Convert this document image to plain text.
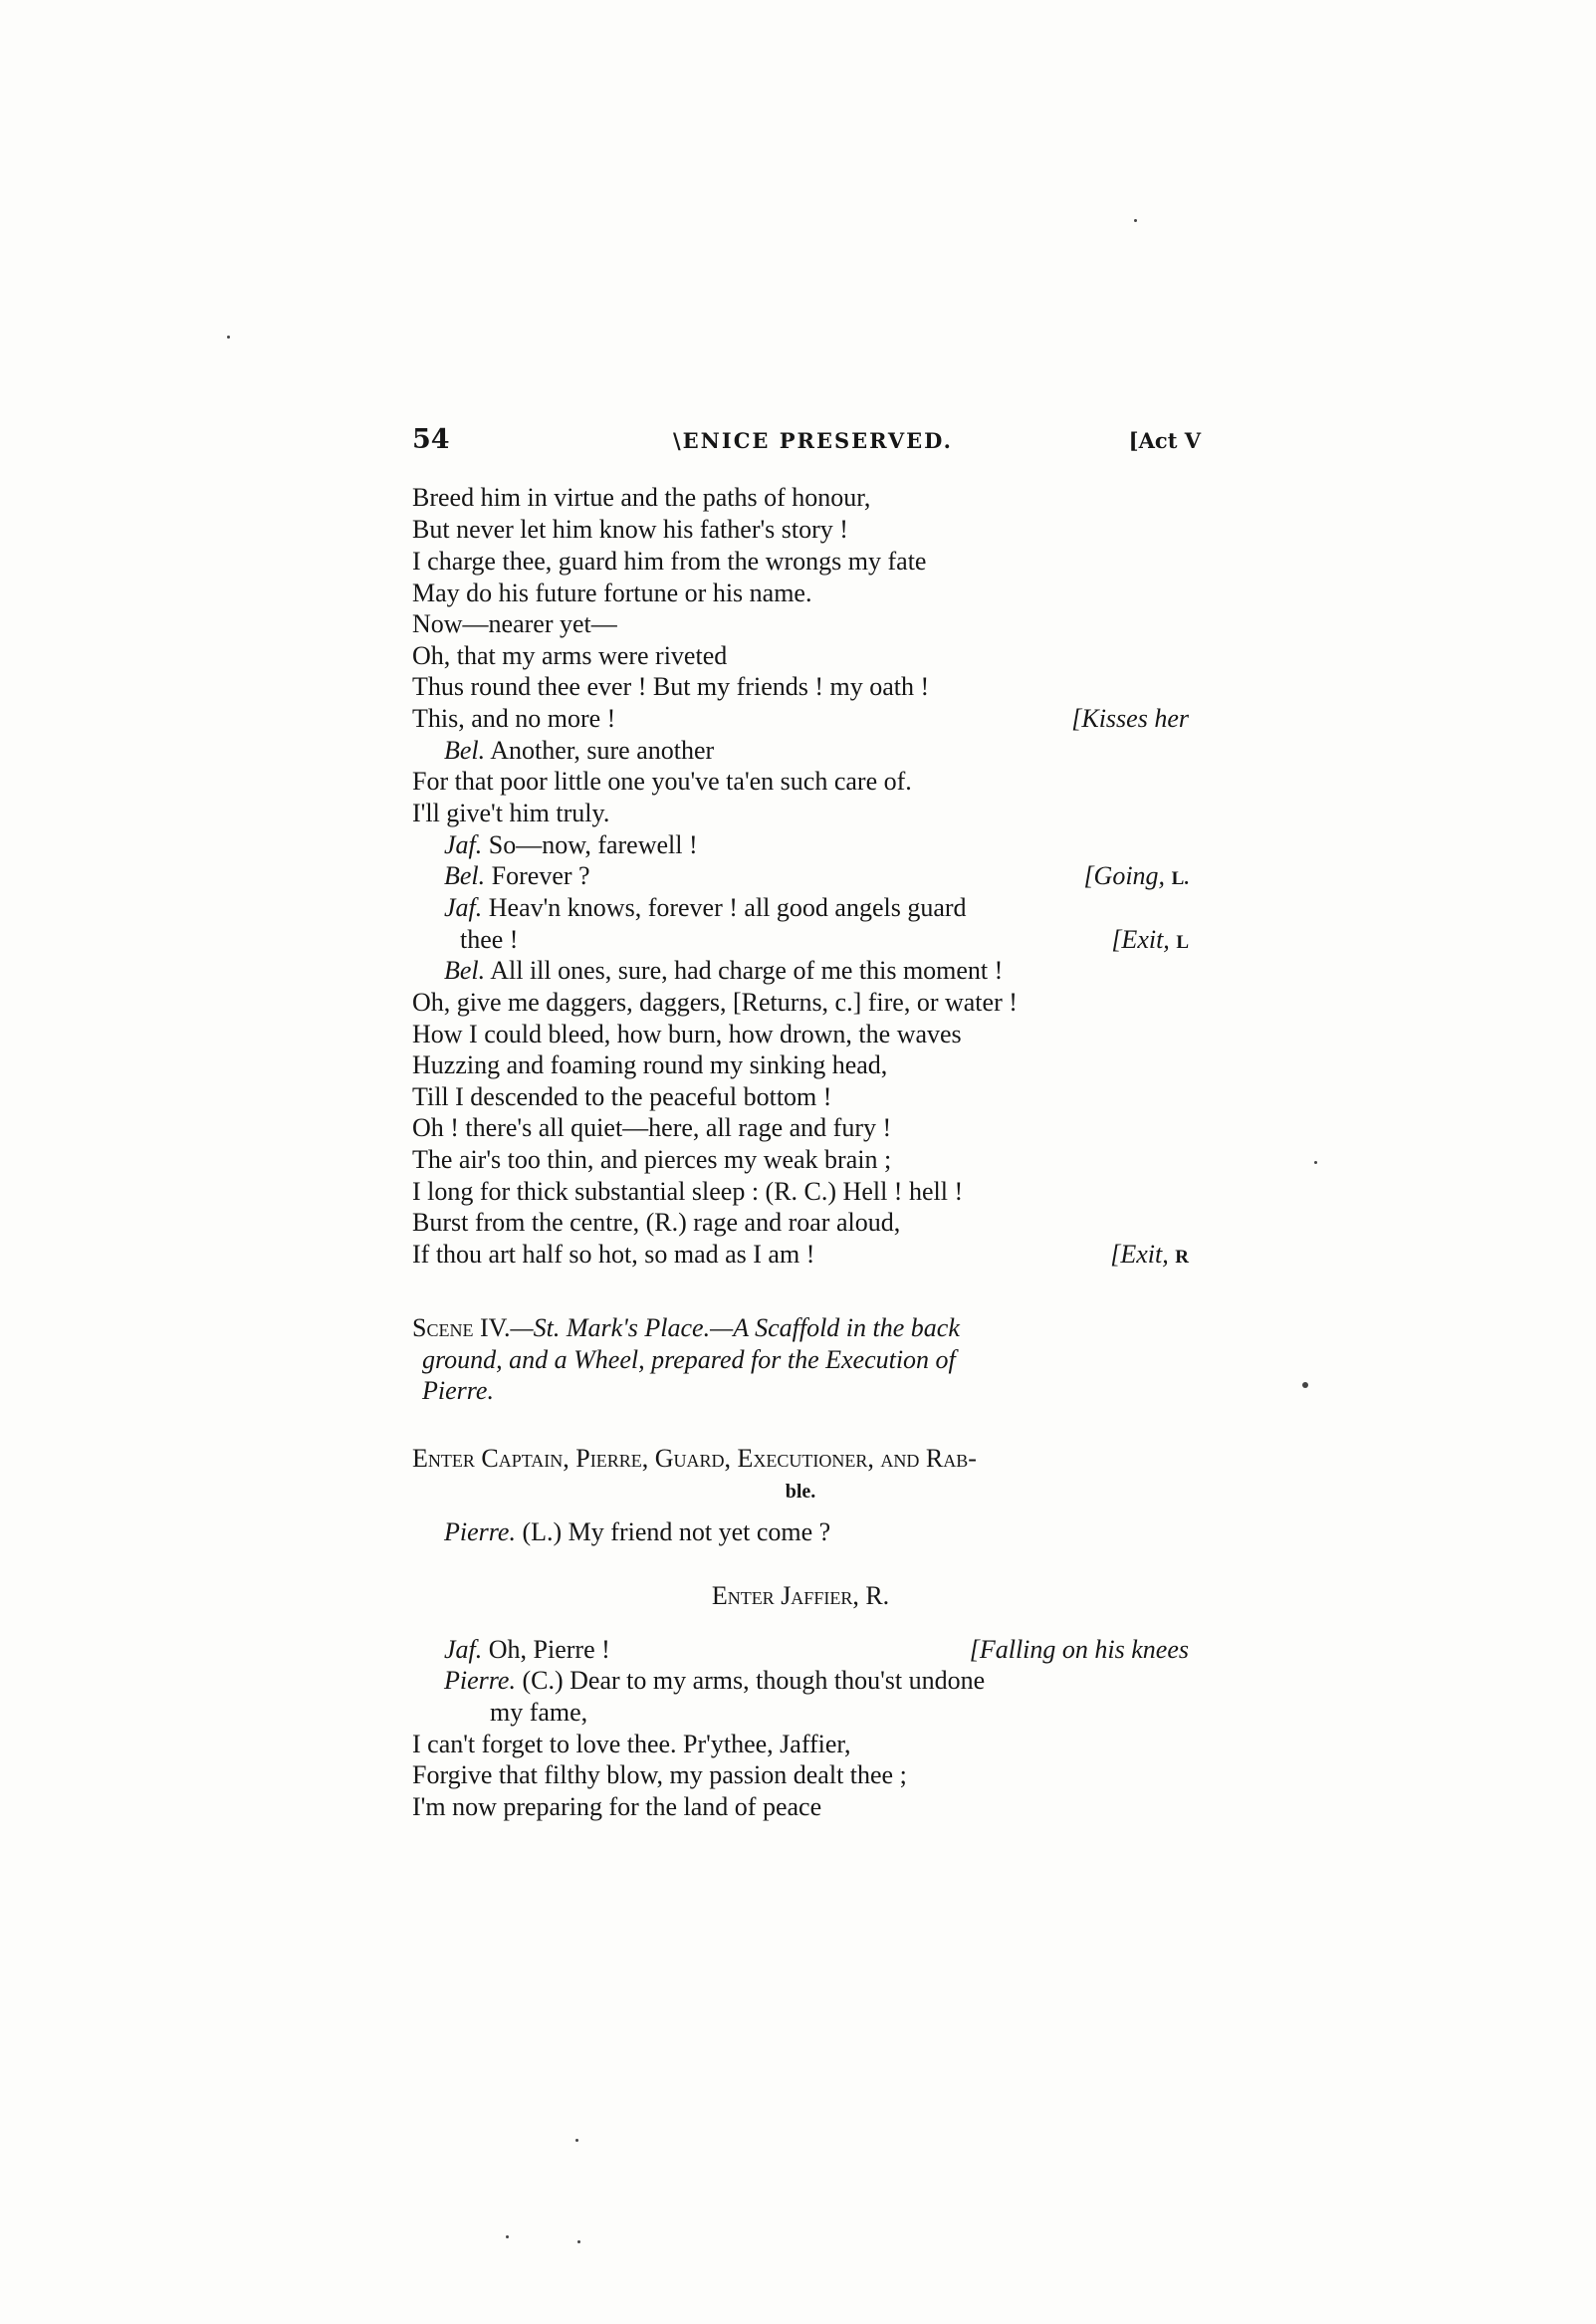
54	\ENICE PRESERVED.	[Act V
Breed him in virtue and the paths of honour,
But never let him know his father's story !
I charge thee, guard him from the wrongs my fate
May do his future fortune or his name.
Now—nearer yet—
Oh, that my arms were riveted
Thus round thee ever ! But my friends ! my oath !
This, and no more !	[Kisses her
Bel. Another, sure another
For that poor little one you've ta'en such care of.
I'll give't him truly.
Jaf. So—now, farewell !
Bel. Forever ?	[Going, L.
Jaf. Heav'n knows, forever ! all good angels guard
thee !	[Exit, L
Bel. All ill ones, sure, had charge of me this moment !
Oh, give me daggers, daggers, [Returns, c.] fire, or water !
How I could bleed, how burn, how drown, the waves
Huzzing and foaming round my sinking head,
Till I descended to the peaceful bottom !
Oh ! there's all quiet—here, all rage and fury !
The air's too thin, and pierces my weak brain ;
I long for thick substantial sleep : (R. C.) Hell ! hell !
Burst from the centre, (R.) rage and roar aloud,
If thou art half so hot, so mad as I am !	[Exit, R
Scene IV.—St. Mark's Place.—A Scaffold in the back
ground, and a Wheel, prepared for the Execution of
Pierre.
Enter Captain, Pierre, Guard, Executioner, and Rab-
ble.
Pierre. (L.) My friend not yet come ?
Enter Jaffier, R.
Jaf. Oh, Pierre !	[Falling on his knees
Pierre. (C.) Dear to my arms, though thou'st undone
my fame,
I can't forget to love thee. Pr'ythee, Jaffier,
Forgive that filthy blow, my passion dealt thee ;
I'm now preparing for the land of peace
